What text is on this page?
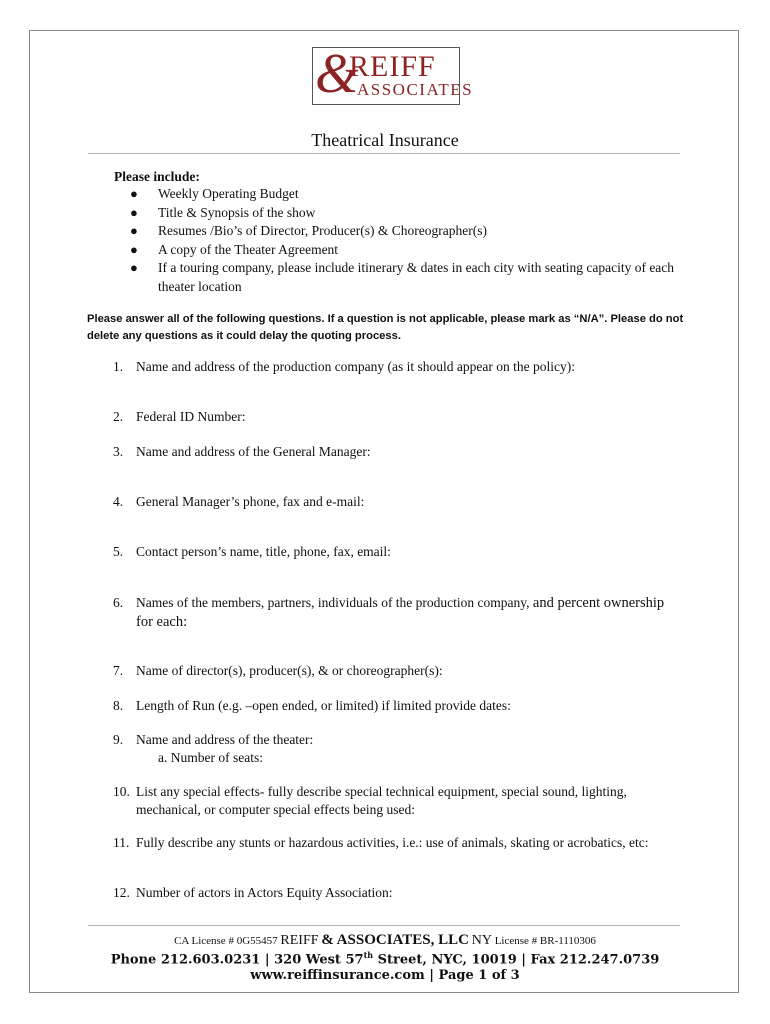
&
REIFF
ASSOCIATES
Theatrical Insurance
Please include:
● Weekly Operating Budget
● Title & Synopsis of the show
● Resumes /Bio’s of Director, Producer(s) & Choreographer(s)
● A copy of the Theater Agreement
● If a touring company, please include itinerary & dates in each city with seating capacity of each theater location
Please answer all of the following questions. If a question is not applicable, please mark as “N/A”. Please do not delete any questions as it could delay the quoting process.
1. Name and address of the production company (as it should appear on the policy):
2. Federal ID Number:
3. Name and address of the General Manager:
4. General Manager’s phone, fax and e-mail:
5. Contact person’s name, title, phone, fax, email:
6. Names of the members, partners, individuals of the production company, and percent ownership for each:
7. Name of director(s), producer(s), & or choreographer(s):
8. Length of Run (e.g. –open ended, or limited) if limited provide dates:
9. Name and address of the theater:
a. Number of seats:
10. List any special effects- fully describe special technical equipment, special sound, lighting, mechanical, or computer special effects being used:
11. Fully describe any stunts or hazardous activities, i.e.: use of animals, skating or acrobatics, etc:
12. Number of actors in Actors Equity Association:
CA License # 0G55457 REIFF & ASSOCIATES, LLC NY License # BR-1110306
Phone 212.603.0231 | 320 West 57th Street, NYC, 10019 | Fax 212.247.0739
www.reiffinsurance.com | Page 1 of 3
